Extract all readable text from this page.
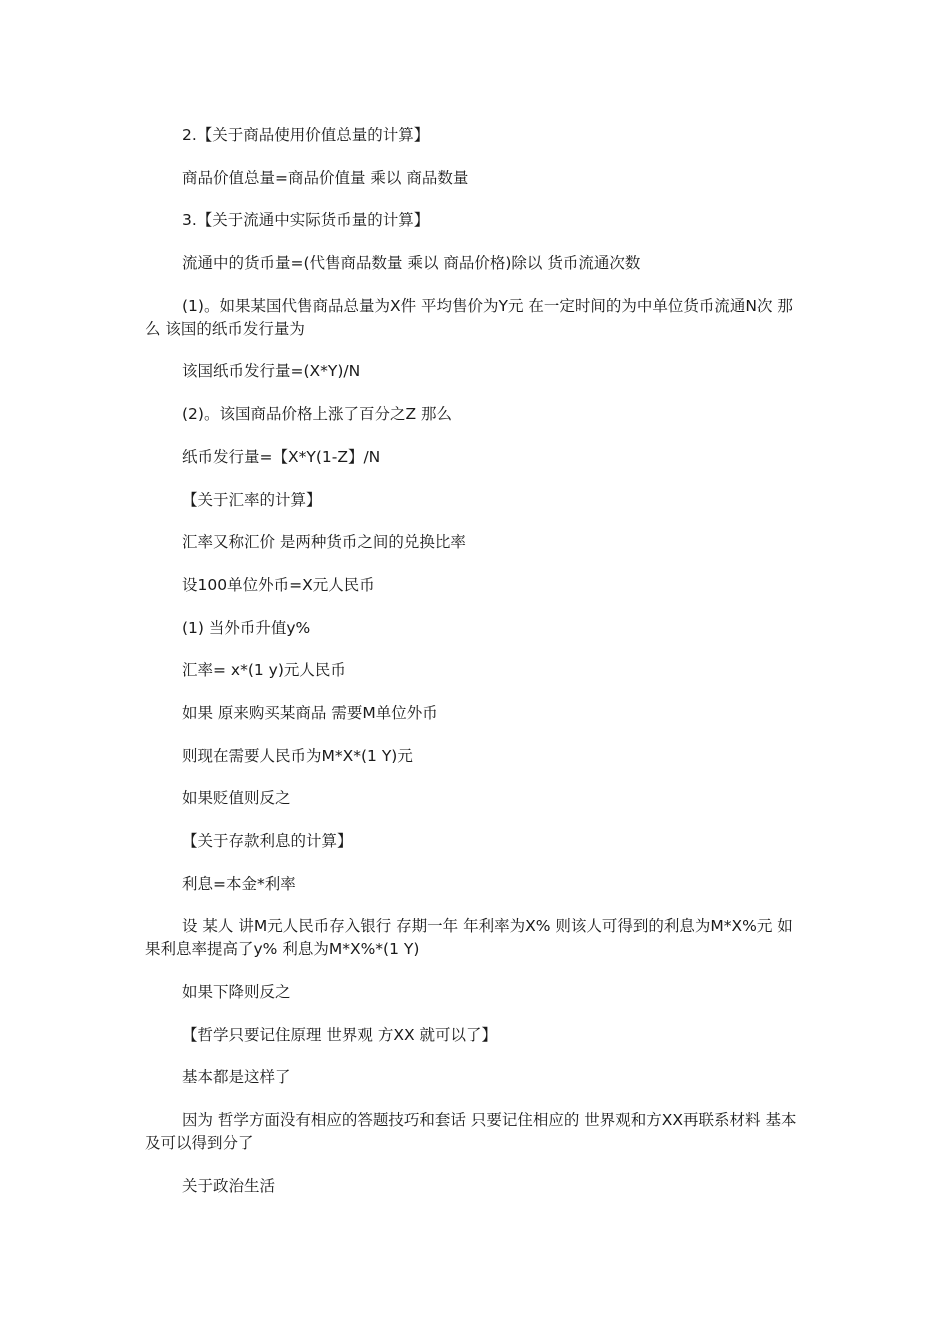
2.【关于商品使用价值总量的计算】

商品价值总量=商品价值量 乘以 商品数量

3.【关于流通中实际货币量的计算】

流通中的货币量=(代售商品数量 乘以 商品价格)除以 货币流通次数

(1)。如果某国代售商品总量为X件 平均售价为Y元 在一定时间的为中单位货币流通N次 那么 该国的纸币发行量为

该国纸币发行量=(X*Y)/N

(2)。该国商品价格上涨了百分之Z 那么

纸币发行量=【X*Y(1-Z】/N

【关于汇率的计算】

汇率又称汇价 是两种货币之间的兑换比率

设100单位外币=X元人民币

(1) 当外币升值y%

汇率= x*(1 y)元人民币

如果 原来购买某商品 需要M单位外币

则现在需要人民币为M*X*(1 Y)元

如果贬值则反之

【关于存款利息的计算】

利息=本金*利率

设 某人 讲M元人民币存入银行 存期一年 年利率为X% 则该人可得到的利息为M*X%元 如果利息率提高了y% 利息为M*X%*(1 Y)

如果下降则反之

【哲学只要记住原理 世界观 方XX 就可以了】

基本都是这样了

因为 哲学方面没有相应的答题技巧和套话 只要记住相应的 世界观和方XX再联系材料 基本及可以得到分了

关于政治生活
